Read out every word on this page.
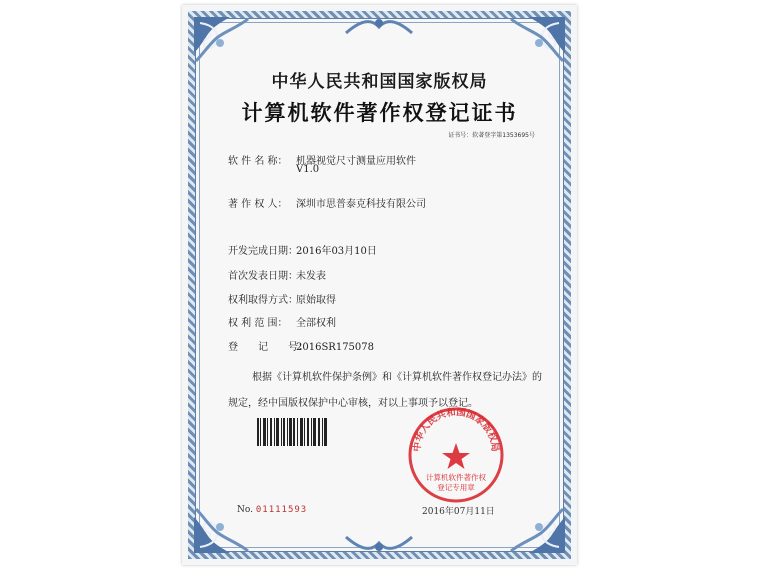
中华人民共和国国家版权局
计算机软件著作权登记证书
证书号：软著登字第1353695号
软 件 名 称： 机器视觉尺寸测量应用软件
V1.0
著 作 权 人： 深圳市思普泰克科技有限公司
开发完成日期：2016年03月10日
首次发表日期：未发表
权利取得方式：原始取得
权 利 范 围： 全部权利
登　　记　　号：2016SR175078
根据《计算机软件保护条例》和《计算机软件著作权登记办法》的
规定，经中国版权保护中心审核，对以上事项予以登记。
No. 01111593
中华人民共和国国家版权局
计算机软件著作权
登记专用章
2016年07月11日
